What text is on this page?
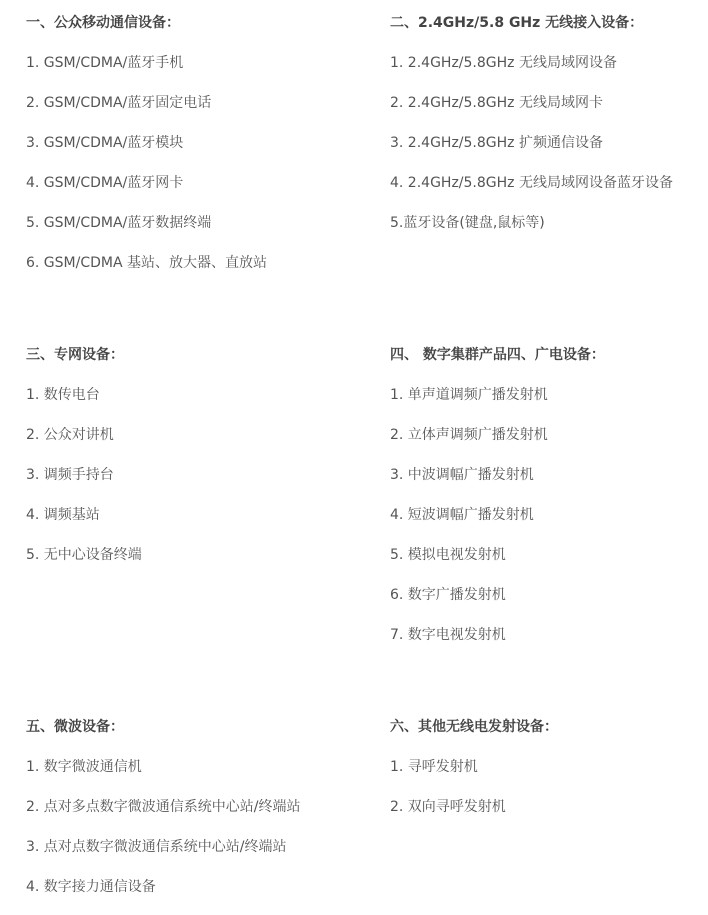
一、公众移动通信设备：
1. GSM/CDMA/蓝牙手机
2. GSM/CDMA/蓝牙固定电话
3. GSM/CDMA/蓝牙模块
4. GSM/CDMA/蓝牙网卡
5. GSM/CDMA/蓝牙数据终端
6. GSM/CDMA 基站、放大器、直放站
二、2.4GHz/5.8 GHz 无线接入设备：
1. 2.4GHz/5.8GHz 无线局域网设备
2. 2.4GHz/5.8GHz 无线局域网卡
3. 2.4GHz/5.8GHz 扩频通信设备
4. 2.4GHz/5.8GHz 无线局域网设备蓝牙设备
5.蓝牙设备(键盘,鼠标等)
三、专网设备：
1. 数传电台
2. 公众对讲机
3. 调频手持台
4. 调频基站
5. 无中心设备终端
四、 数字集群产品四、广电设备：
1. 单声道调频广播发射机
2. 立体声调频广播发射机
3. 中波调幅广播发射机
4. 短波调幅广播发射机
5. 模拟电视发射机
6. 数字广播发射机
7. 数字电视发射机
五、微波设备：
1. 数字微波通信机
2. 点对多点数字微波通信系统中心站/终端站
3. 点对点数字微波通信系统中心站/终端站
4. 数字接力通信设备
六、其他无线电发射设备：
1. 寻呼发射机
2. 双向寻呼发射机
